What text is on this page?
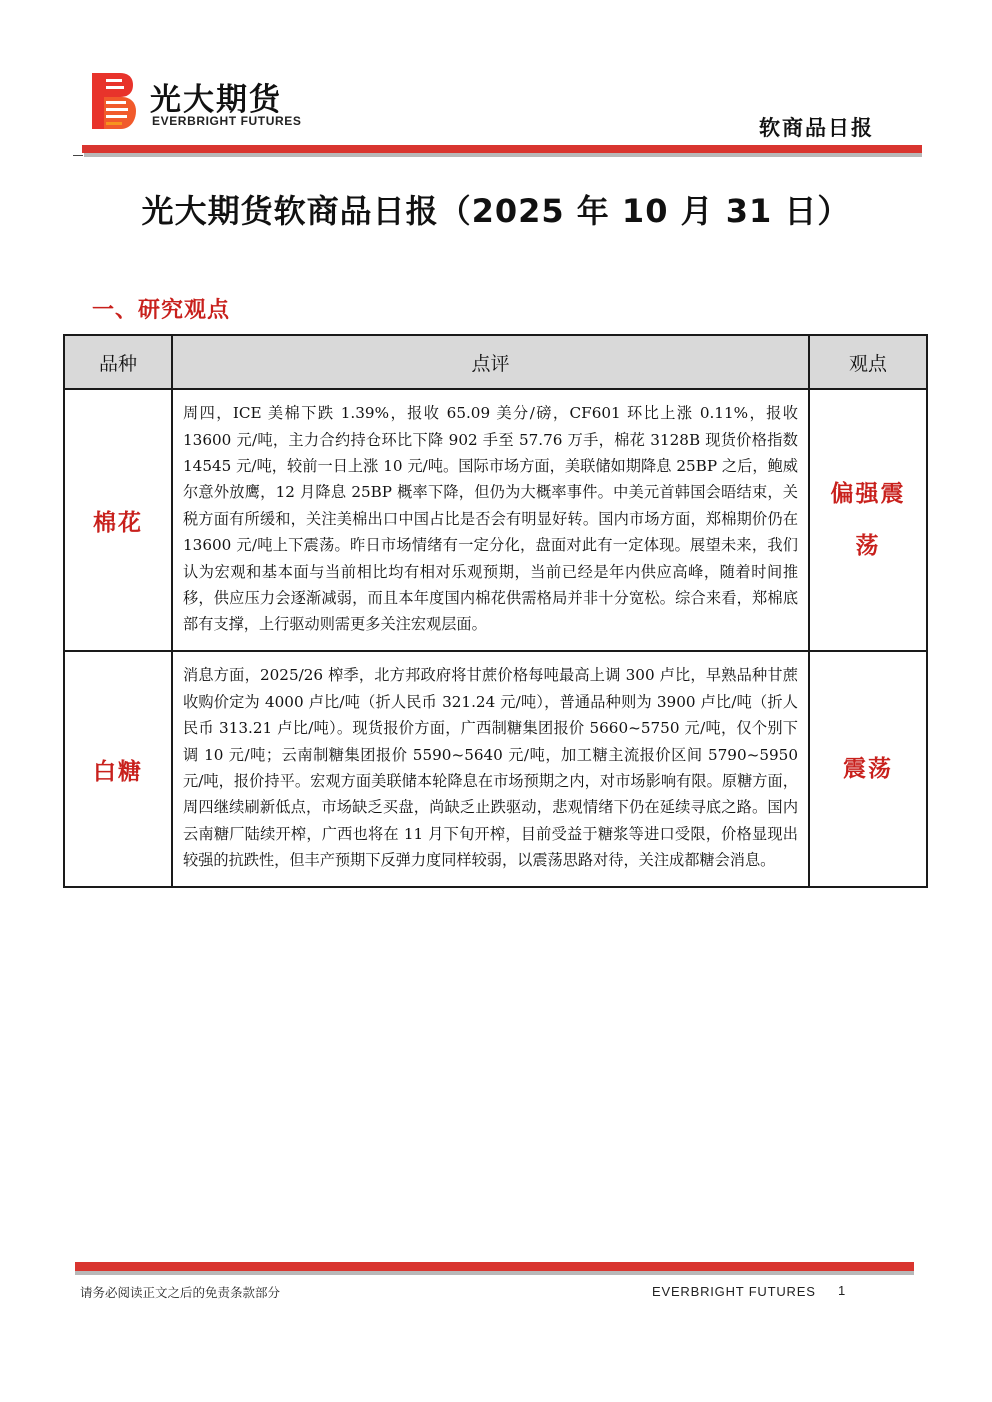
光大期货
EVERBRIGHT FUTURES	软商品日报
光大期货软商品日报（2025 年 10 月 31 日）
一、研究观点
品种	点评	观点
棉花	周四，ICE 美棉下跌 1.39%，报收 65.09 美分/磅，CF601 环比上涨 0.11%，报收 13600 元/吨，主力合约持仓环比下降 902 手至 57.76 万手，棉花 3128B 现货价格指数 14545 元/吨，较前一日上涨 10 元/吨。国际市场方面，美联储如期降息 25BP 之后，鲍威尔意外放鹰，12 月降息 25BP 概率下降，但仍为大概率事件。中美元首韩国会晤结束，关税方面有所缓和，关注美棉出口中国占比是否会有明显好转。国内市场方面，郑棉期价仍在 13600 元/吨上下震荡。昨日市场情绪有一定分化，盘面对此有一定体现。展望未来，我们认为宏观和基本面与当前相比均有相对乐观预期，当前已经是年内供应高峰，随着时间推移，供应压力会逐渐减弱，而且本年度国内棉花供需格局并非十分宽松。综合来看，郑棉底部有支撑，上行驱动则需更多关注宏观层面。	偏强震荡
白糖	消息方面，2025/26 榨季，北方邦政府将甘蔗价格每吨最高上调 300 卢比，早熟品种甘蔗收购价定为 4000 卢比/吨（折人民币 321.24 元/吨），普通品种则为 3900 卢比/吨（折人民币 313.21 卢比/吨）。现货报价方面，广西制糖集团报价 5660~5750 元/吨，仅个别下调 10 元/吨；云南制糖集团报价 5590~5640 元/吨，加工糖主流报价区间 5790~5950 元/吨，报价持平。宏观方面美联储本轮降息在市场预期之内，对市场影响有限。原糖方面，周四继续刷新低点，市场缺乏买盘，尚缺乏止跌驱动，悲观情绪下仍在延续寻底之路。国内云南糖厂陆续开榨，广西也将在 11 月下旬开榨，目前受益于糖浆等进口受限，价格显现出较强的抗跌性，但丰产预期下反弹力度同样较弱，以震荡思路对待，关注成都糖会消息。	震荡
请务必阅读正文之后的免责条款部分	EVERBRIGHT FUTURES 1
